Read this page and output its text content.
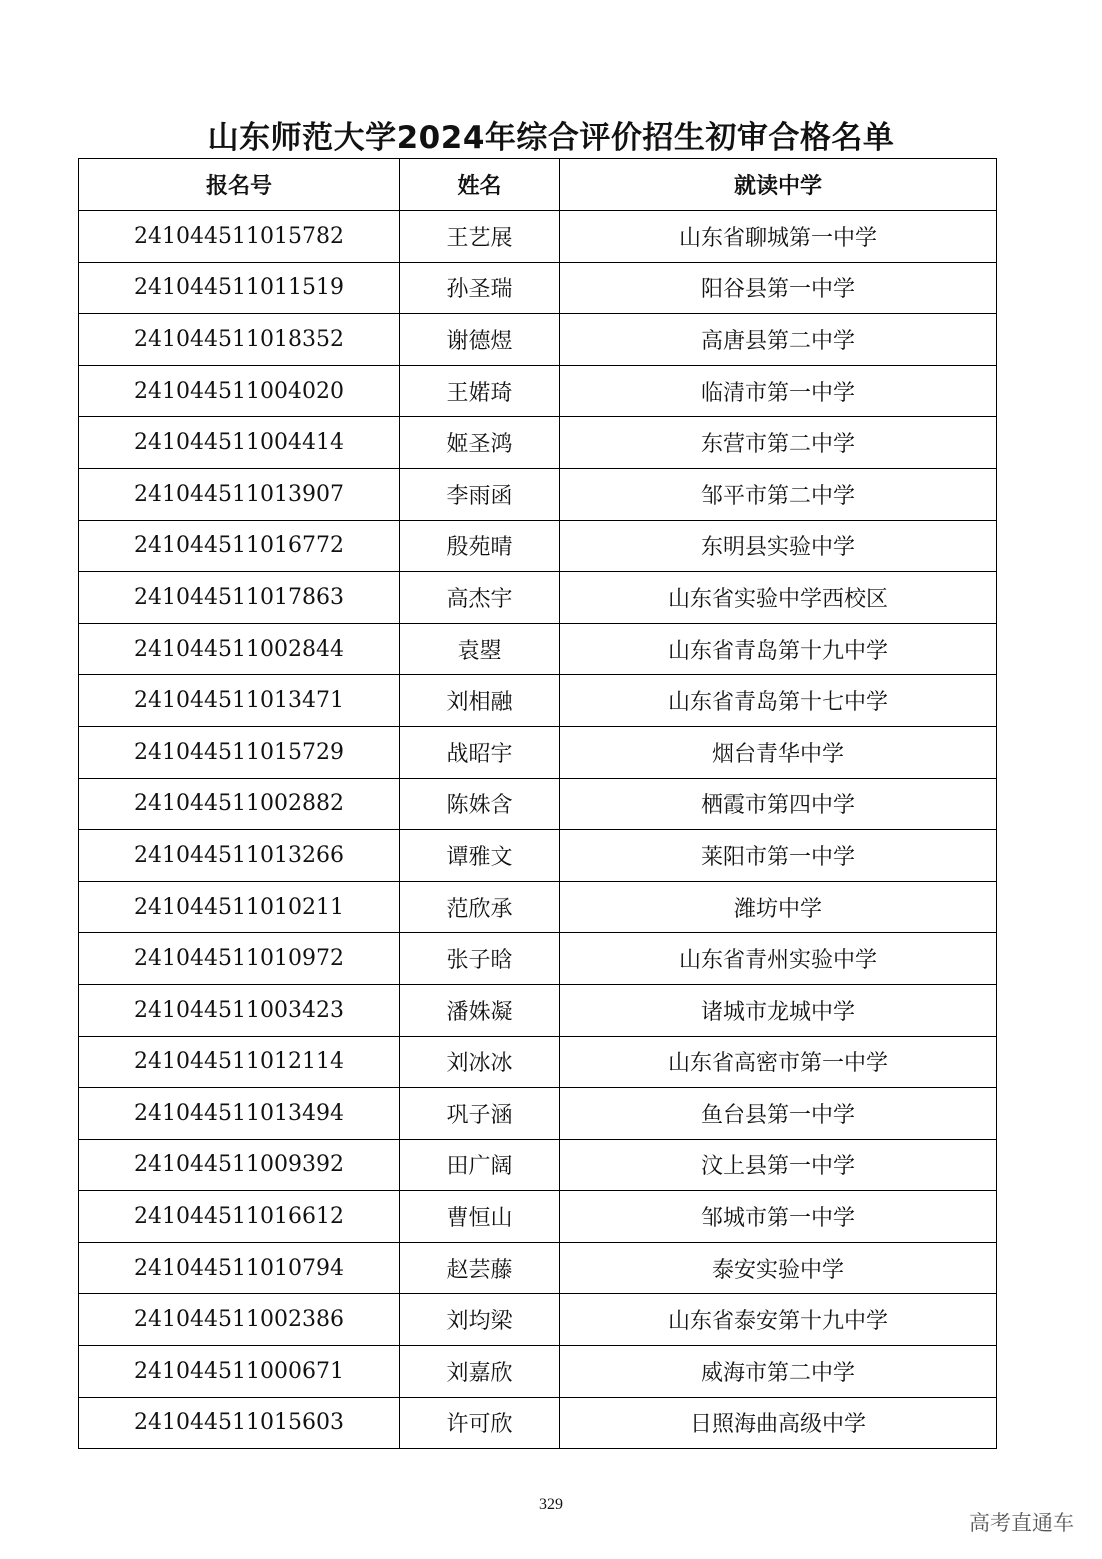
山东师范大学2024年综合评价招生初审合格名单
报名号	姓名	就读中学
241044511015782	王艺展	山东省聊城第一中学
241044511011519	孙圣瑞	阳谷县第一中学
241044511018352	谢德煜	高唐县第二中学
241044511004020	王婼琦	临清市第一中学
241044511004414	姬圣鸿	东营市第二中学
241044511013907	李雨函	邹平市第二中学
241044511016772	殷苑晴	东明县实验中学
241044511017863	高杰宇	山东省实验中学西校区
241044511002844	袁曌	山东省青岛第十九中学
241044511013471	刘相融	山东省青岛第十七中学
241044511015729	战昭宇	烟台青华中学
241044511002882	陈姝含	栖霞市第四中学
241044511013266	谭雅文	莱阳市第一中学
241044511010211	范欣承	潍坊中学
241044511010972	张子晗	山东省青州实验中学
241044511003423	潘姝凝	诸城市龙城中学
241044511012114	刘冰冰	山东省高密市第一中学
241044511013494	巩子涵	鱼台县第一中学
241044511009392	田广阔	汶上县第一中学
241044511016612	曹恒山	邹城市第一中学
241044511010794	赵芸藤	泰安实验中学
241044511002386	刘均梁	山东省泰安第十九中学
241044511000671	刘嘉欣	威海市第二中学
241044511015603	许可欣	日照海曲高级中学
329
高考直通车
